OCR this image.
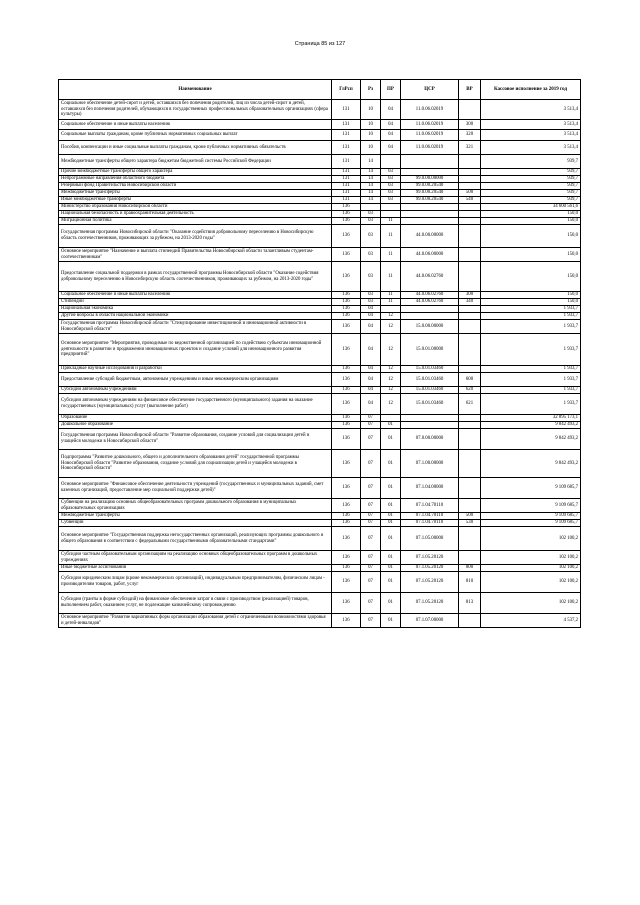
Страница 85 из 127
Наименование	ГлРсп	Рз	ПР	ЦСР	ВР	Кассовое исполнение за 2019 год
Социальное обеспечение детей-сирот и детей, оставшихся без попечения родителей, лиц из числа детей-сирот и детей, оставшихся без попечения родителей, обучающихся в государственных профессиональных образовательных организациях (сфера культуры)	131	10	04	11.0.06.02019		3 513,4
Социальное обеспечение и иные выплаты населению	131	10	04	11.0.06.02019	300	3 513,4
Социальные выплаты гражданам, кроме публичных нормативных социальных выплат	131	10	04	11.0.06.02019	320	3 513,4
Пособия, компенсации и иные социальные выплаты гражданам, кроме публичных нормативных обязательств	131	10	04	11.0.06.02019	321	3 513,4
Межбюджетные трансферты общего характера бюджетам бюджетной системы Российской Федерации	131	14				939,7
Прочие межбюджетные трансферты общего характера	131	14	03			939,7
Непрограммные направления областного бюджета	131	14	03	99.0.00.00000		939,7
Резервный фонд Правительства Новосибирской области	131	14	03	99.0.00.20540		939,7
Межбюджетные трансферты	131	14	03	99.0.00.20540	500	939,7
Иные межбюджетные трансферты	131	14	03	99.0.00.20540	540	939,7
Министерство образования Новосибирской области	136					34 600 561,6
Национальная безопасность и правоохранительная деятельность	136	03				150,0
Миграционная политика	136	03	11			150,0
Государственная программа Новосибирской области "Оказание содействия добровольному переселению в Новосибирскую область соотечественников, проживающих за рубежом, на 2013-2020 годы"	136	03	11	44.0.00.00000		150,0
Основное мероприятие "Назначение и выплата стипендий Правительства Новосибирской области талантливым студентам-соотечественникам"	136	03	11	44.0.06.00000		150,0
Предоставление социальной поддержки в рамках государственной программы Новосибирской области "Оказание содействия добровольному переселению в Новосибирскую область соотечественников, проживающих за рубежом, на 2013-2020 годы"	136	03	11	44.0.06.02760		150,0
Социальное обеспечение и иные выплаты населению	136	03	11	44.0.06.02760	300	150,0
Стипендии	136	03	11	44.0.06.02760	340	150,0
Национальная экономика	136	04				1 933,7
Другие вопросы в области национальной экономики	136	04	12			1 933,7
Государственная программа Новосибирской области "Стимулирование инвестиционной и инновационной активности в Новосибирской области"	136	04	12	15.0.00.00000		1 933,7
Основное мероприятие "Мероприятия, проводимые по ведомственной организацией по содействию субъектам инновационной деятельности в развитии и продвижении инновационных проектов и создание условий для инновационного развития предприятий"	136	04	12	15.0.01.00000		1 933,7
Прикладные научные исследования и разработки	136	04	12	15.0.01.03460		1 933,7
Предоставление субсидий бюджетным, автономным учреждениям и иным некоммерческим организациям	136	04	12	15.0.01.03460	600	1 933,7
Субсидии автономным учреждениям	136	04	12	15.0.01.03460	620	1 933,7
Субсидии автономным учреждениям на финансовое обеспечение государственного (муниципального) задания на оказание государственных (муниципальных) услуг (выполнение работ)	136	04	12	15.0.01.03460	621	1 933,7
Образование	136	07				32 895 173,1
Дошкольное образование	136	07	01			9 842 493,2
Государственная программа Новосибирской области "Развитие образования, создание условий для социализации детей и учащейся молодежи в Новосибирской области"	136	07	01	07.0.00.00000		9 842 493,2
Подпрограмма "Развитие дошкольного, общего и дополнительного образования детей" государственной программы Новосибирской области "Развитие образования, создание условий для социализации детей и учащейся молодежи в Новосибирской области"	136	07	01	07.1.00.00000		9 842 493,2
Основное мероприятие "Финансовое обеспечение деятельности учреждений (государственных и муниципальных заданий, смет казенных организаций, предоставление мер социальной поддержки детей)"	136	07	01	07.1.04.00000		9 109 685,7
Субвенции на реализацию основных общеобразовательных программ дошкольного образования в муниципальных образовательных организациях	136	07	01	07.1.04.70110		9 109 685,7
Межбюджетные трансферты	136	07	01	07.1.04.70110	500	9 109 685,7
Субвенции	136	07	01	07.1.04.70110	530	9 109 685,7
Основное мероприятие "Государственная поддержка негосударственных организаций, реализующих программы дошкольного и общего образования в соответствии с федеральными государственными образовательными стандартами"	136	07	01	07.1.05.00000		102 100,2
Субсидии частным образовательным организациям на реализацию основных общеобразовательных программ в дошкольных учреждениях	136	07	01	07.1.05.20120		102 100,2
Иные бюджетные ассигнования	136	07	01	07.1.05.20120	800	102 100,2
Субсидии юридическим лицам (кроме некоммерческих организаций), индивидуальным предпринимателям, физическим лицам - производителям товаров, работ, услуг	136	07	01	07.1.05.20120	810	102 100,2
Субсидии (гранты в форме субсидий) на финансовое обеспечение затрат в связи с производством (реализацией) товаров, выполнением работ, оказанием услуг, не подлежащие казначейскому сопровождению	136	07	01	07.1.05.20120	813	102 100,2
Основное мероприятие "Развитие вариативных форм организации образования детей с ограниченными возможностями здоровья и детей-инвалидов"	136	07	01	07.1.07.00000		4 537,2
